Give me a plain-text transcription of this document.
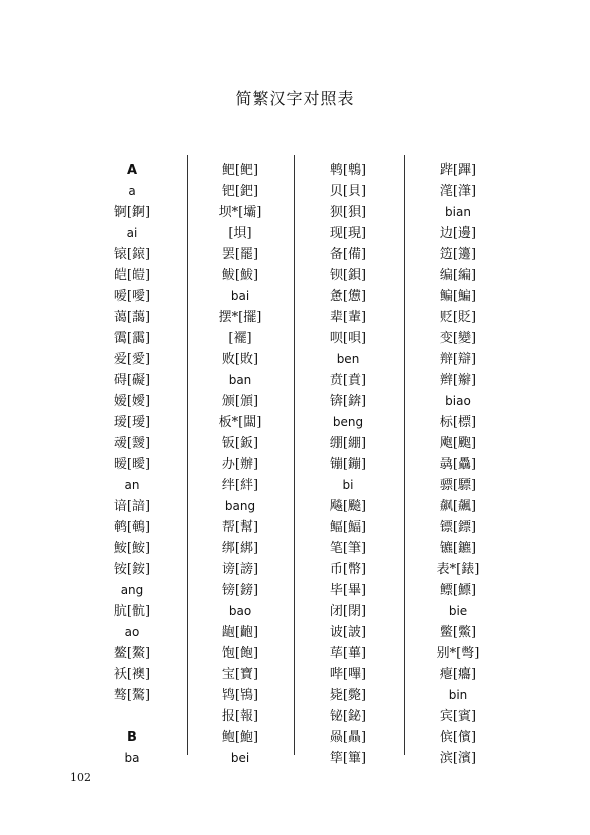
简繁汉字对照表
A
a
锕[錒]
ai
锿[鎄]
皑[皚]
嗳[噯]
蔼[藹]
霭[靄]
爱[愛]
碍[礙]
嫒[嬡]
瑷[璦]
叆[靉]
暧[曖]
an
谙[諳]
鹌[鵪]
鮟[鮟]
铵[銨]
ang
肮[骯]
ao
鳌[鰲]
袄[襖]
骜[驁]
B
ba
鲃[鲃]
钯[鈀]
坝*[壩]
[垻]
罢[罷]
鲅[鮁]
bai
摆*[擺]
[襬]
败[敗]
ban
颁[頒]
板*[闆]
钣[鈑]
办[辦]
绊[絆]
bang
帮[幫]
绑[綁]
谤[謗]
镑[鎊]
bao
龅[齙]
饱[飽]
宝[寶]
鸨[鴇]
报[報]
鲍[鮑]
bei
鹎[鵯]
贝[貝]
狈[狽]
现[現]
备[備]
钡[鋇]
惫[憊]
辈[輩]
呗[唄]
ben
贲[賁]
锛[錛]
beng
绷[綳]
镚[鏰]
bi
飚[飈]
鲾[鰏]
笔[筆]
币[幣]
毕[畢]
闭[閉]
诐[詖]
荜[蓽]
哔[嗶]
毙[斃]
铋[鉍]
赑[贔]
筚[篳]
跸[蹕]
滗[潷]
bian
边[邊]
笾[籩]
编[編]
鳊[鯿]
贬[貶]
变[變]
辩[辯]
辫[辮]
biao
标[標]
飑[颮]
骉[驫]
骠[驃]
飙[飆]
镖[鏢]
镳[鑣]
表*[錶]
鳔[鰾]
bie
鳖[鱉]
别*[彆]
瘪[癟]
bin
宾[賓]
傧[儐]
滨[濱]
102
